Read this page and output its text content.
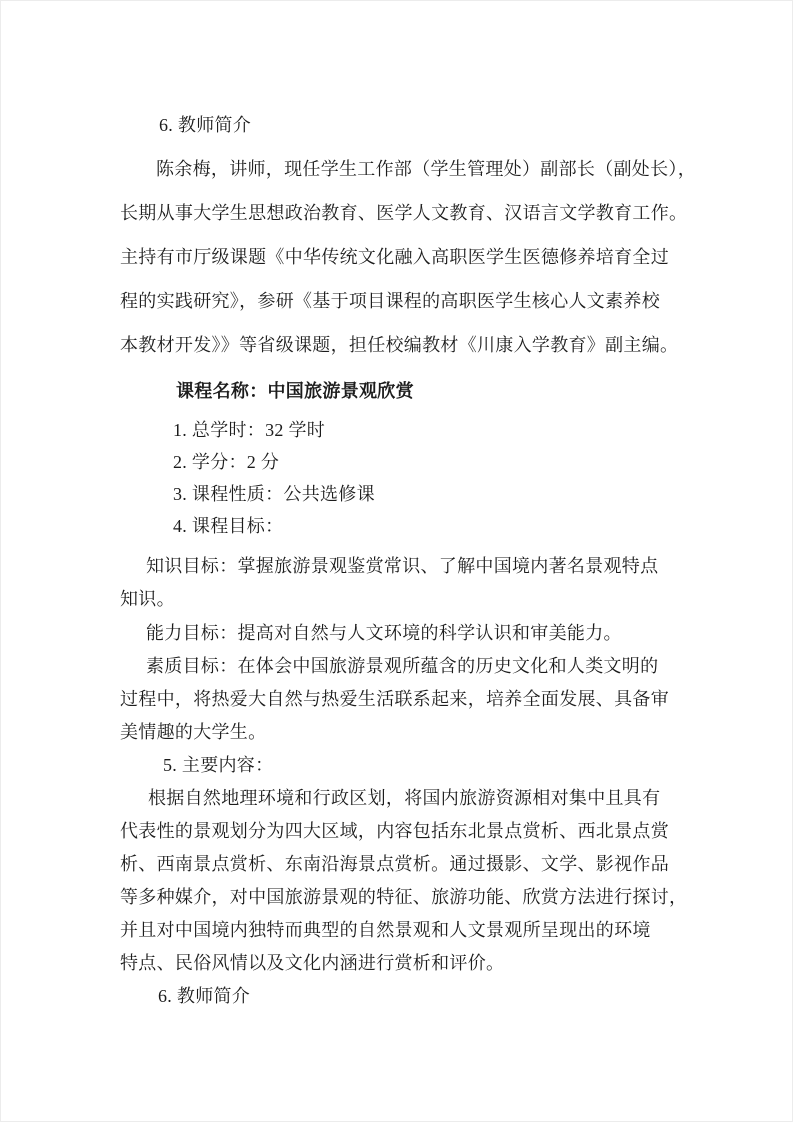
6. 教师简介
陈余梅，讲师，现任学生工作部（学生管理处）副部长（副处长），
长期从事大学生思想政治教育、医学人文教育、汉语言文学教育工作。
主持有市厅级课题《中华传统文化融入高职医学生医德修养培育全过
程的实践研究》，参研《基于项目课程的高职医学生核心人文素养校
本教材开发》》等省级课题，担任校编教材《川康入学教育》副主编。
课程名称：中国旅游景观欣赏
1. 总学时：32 学时
2. 学分：2 分
3. 课程性质：公共选修课
4. 课程目标：
知识目标：掌握旅游景观鉴赏常识、了解中国境内著名景观特点
知识。
能力目标：提高对自然与人文环境的科学认识和审美能力。
素质目标：在体会中国旅游景观所蕴含的历史文化和人类文明的
过程中，将热爱大自然与热爱生活联系起来，培养全面发展、具备审
美情趣的大学生。
5. 主要内容：
根据自然地理环境和行政区划，将国内旅游资源相对集中且具有
代表性的景观划分为四大区域，内容包括东北景点赏析、西北景点赏
析、西南景点赏析、东南沿海景点赏析。通过摄影、文学、影视作品
等多种媒介，对中国旅游景观的特征、旅游功能、欣赏方法进行探讨，
并且对中国境内独特而典型的自然景观和人文景观所呈现出的环境
特点、民俗风情以及文化内涵进行赏析和评价。
6. 教师简介
